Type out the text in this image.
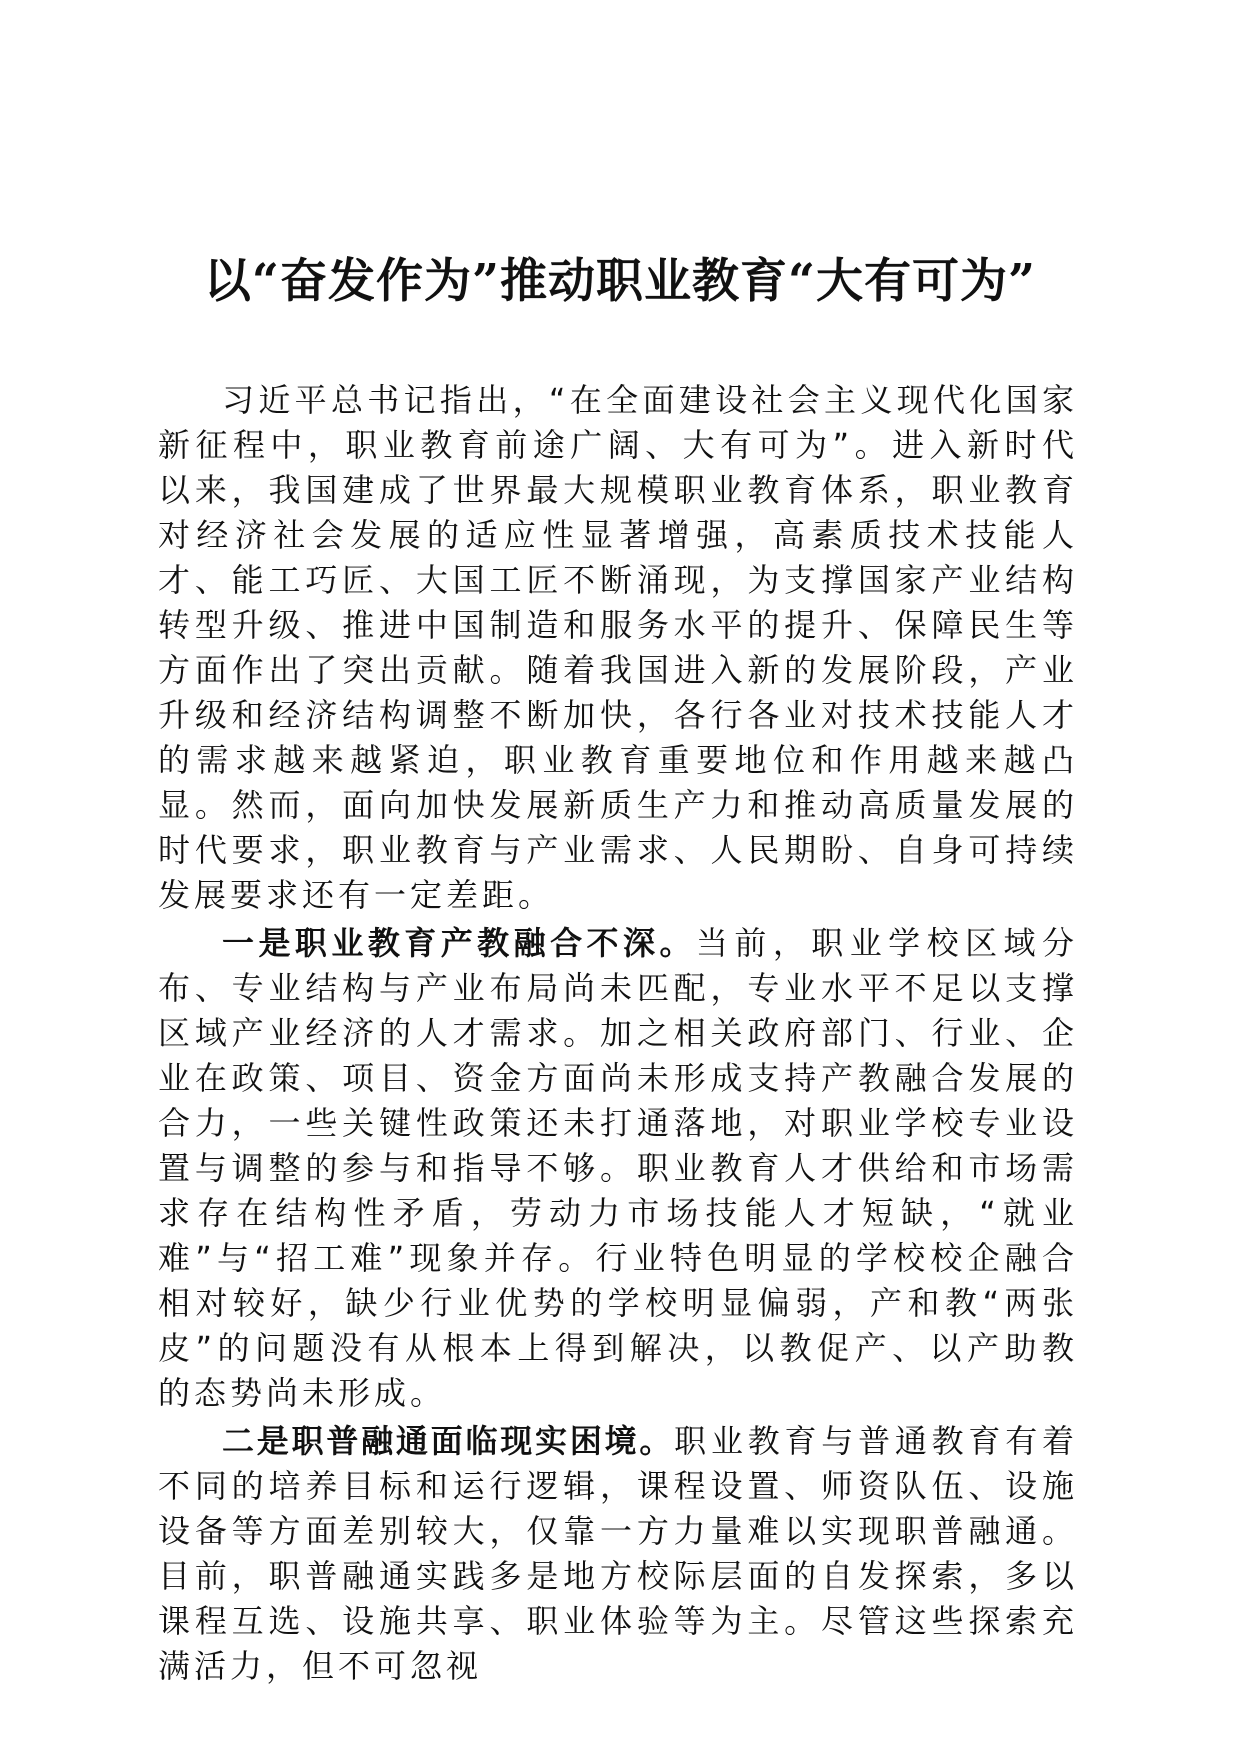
以“奋发作为”推动职业教育“大有可为”

习近平总书记指出，“在全面建设社会主义现代化国家新征程中，职业教育前途广阔、大有可为”。进入新时代以来，我国建成了世界最大规模职业教育体系，职业教育对经济社会发展的适应性显著增强，高素质技术技能人才、能工巧匠、大国工匠不断涌现，为支撑国家产业结构转型升级、推进中国制造和服务水平的提升、保障民生等方面作出了突出贡献。随着我国进入新的发展阶段，产业升级和经济结构调整不断加快，各行各业对技术技能人才的需求越来越紧迫，职业教育重要地位和作用越来越凸显。然而，面向加快发展新质生产力和推动高质量发展的时代要求，职业教育与产业需求、人民期盼、自身可持续发展要求还有一定差距。

一是职业教育产教融合不深。当前，职业学校区域分布、专业结构与产业布局尚未匹配，专业水平不足以支撑区域产业经济的人才需求。加之相关政府部门、行业、企业在政策、项目、资金方面尚未形成支持产教融合发展的合力，一些关键性政策还未打通落地，对职业学校专业设置与调整的参与和指导不够。职业教育人才供给和市场需求存在结构性矛盾，劳动力市场技能人才短缺，“就业难”与“招工难”现象并存。行业特色明显的学校校企融合相对较好，缺少行业优势的学校明显偏弱，产和教“两张皮”的问题没有从根本上得到解决，以教促产、以产助教的态势尚未形成。

二是职普融通面临现实困境。职业教育与普通教育有着不同的培养目标和运行逻辑，课程设置、师资队伍、设施设备等方面差别较大，仅靠一方力量难以实现职普融通。目前，职普融通实践多是地方校际层面的自发探索，多以课程互选、设施共享、职业体验等为主。尽管这些探索充满活力，但不可忽视
